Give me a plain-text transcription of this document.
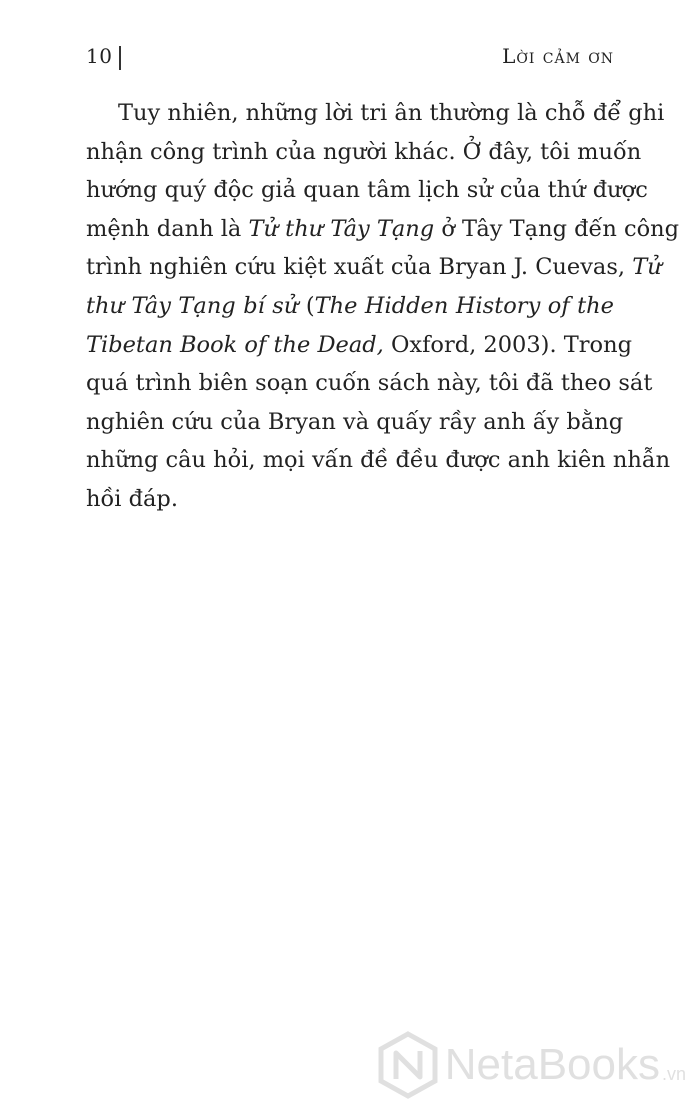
10	Lời cảm ơn
Tuy nhiên, những lời tri ân thường là chỗ để ghi
nhận công trình của người khác. Ở đây, tôi muốn
hướng quý độc giả quan tâm lịch sử của thứ được
mệnh danh là Tử thư Tây Tạng ở Tây Tạng đến công
trình nghiên cứu kiệt xuất của Bryan J. Cuevas, Tử
thư Tây Tạng bí sử (The Hidden History of the
Tibetan Book of the Dead, Oxford, 2003). Trong
quá trình biên soạn cuốn sách này, tôi đã theo sát
nghiên cứu của Bryan và quấy rầy anh ấy bằng
những câu hỏi, mọi vấn đề đều được anh kiên nhẫn
hồi đáp.
NetaBooks .vn
